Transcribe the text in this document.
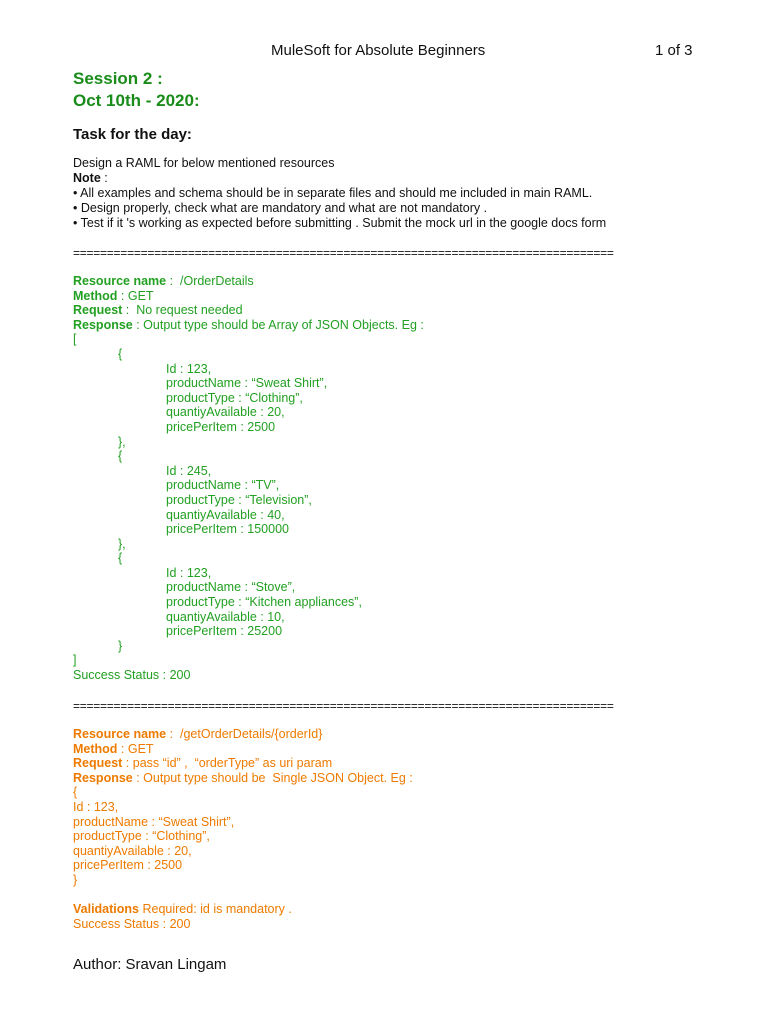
MuleSoft for Absolute Beginners	1 of 3
Session 2 :
Oct 10th - 2020:
Task for the day:
Design a RAML for below mentioned resources
Note :
• All examples and schema should be in separate files and should me included in main RAML.
• Design properly, check what are mandatory and what are not mandatory .
• Test if it 's working as expected before submitting . Submit the mock url in the google docs form
================================================================================
Resource name :  /OrderDetails
Method : GET
Request :  No request needed
Response : Output type should be Array of JSON Objects. Eg :
[
{
Id : 123,
productName : “Sweat Shirt”,
productType : “Clothing”,
quantiyAvailable : 20,
pricePerItem : 2500
},
{
Id : 245,
productName : “TV”,
productType : “Television”,
quantiyAvailable : 40,
pricePerItem : 150000
},
{
Id : 123,
productName : “Stove”,
productType : “Kitchen appliances”,
quantiyAvailable : 10,
pricePerItem : 25200
}
]
Success Status : 200
================================================================================
Resource name :  /getOrderDetails/{orderId}
Method : GET
Request : pass “id” ,  “orderType” as uri param
Response : Output type should be  Single JSON Object. Eg :
{
Id : 123,
productName : “Sweat Shirt”,
productType : “Clothing”,
quantiyAvailable : 20,
pricePerItem : 2500
}

Validations Required: id is mandatory .
Success Status : 200
Author: Sravan Lingam
